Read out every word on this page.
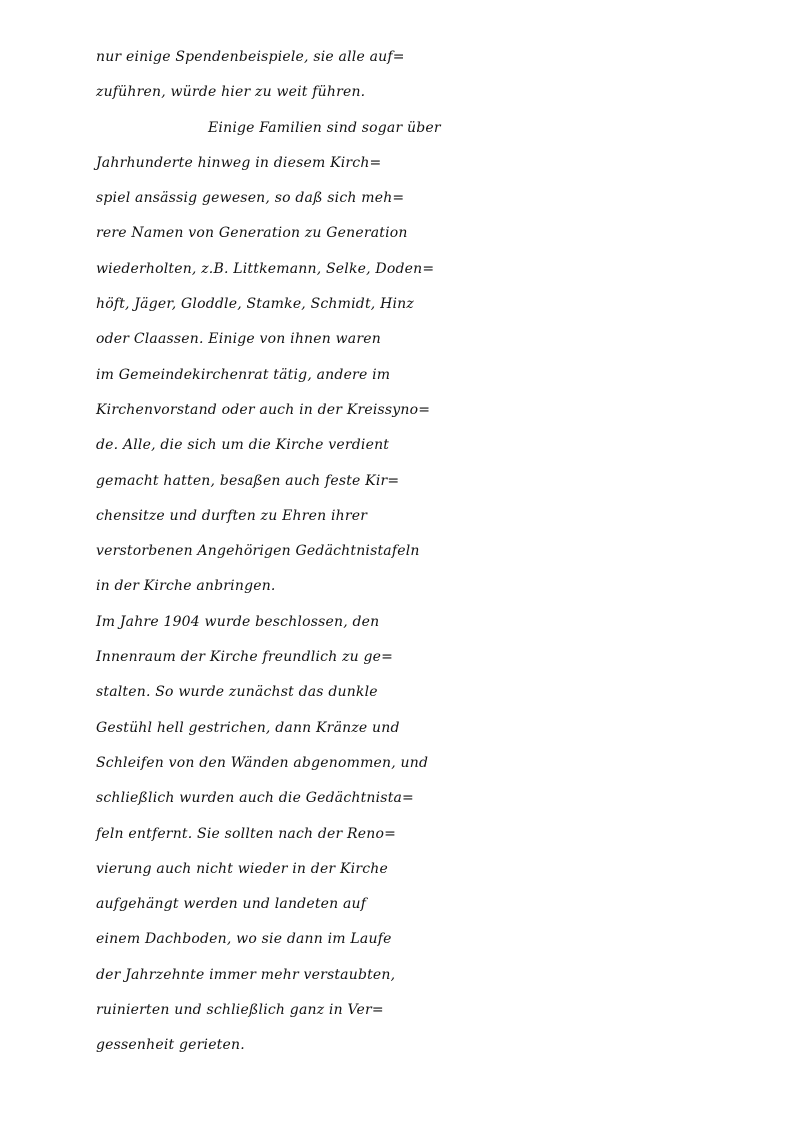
nur einige Spendenbeispiele, sie alle auf=
zuführen, würde hier zu weit führen.
Einige Familien sind sogar über
Jahrhunderte hinweg in diesem Kirch=
spiel ansässig gewesen, so daß sich meh=
rere Namen von Generation zu Generation
wiederholten, z.B. Littkemann, Selke, Doden=
höft, Jäger, Gloddle, Stamke, Schmidt, Hinz
oder Claassen. Einige von ihnen waren
im Gemeindekirchenrat tätig, andere im
Kirchenvorstand oder auch in der Kreissyno=
de. Alle, die sich um die Kirche verdient
gemacht hatten, besaßen auch feste Kir=
chensitze und durften zu Ehren ihrer
verstorbenen Angehörigen Gedächtnistafeln
in der Kirche anbringen.
Im Jahre 1904 wurde beschlossen, den
Innenraum der Kirche freundlich zu ge=
stalten. So wurde zunächst das dunkle
Gestühl hell gestrichen, dann Kränze und
Schleifen von den Wänden abgenommen, und
schließlich wurden auch die Gedächtnista=
feln entfernt. Sie sollten nach der Reno=
vierung auch nicht wieder in der Kirche
aufgehängt werden und landeten auf
einem Dachboden, wo sie dann im Laufe
der Jahrzehnte immer mehr verstaubten,
ruinierten und schließlich ganz in Ver=
gessenheit gerieten.
